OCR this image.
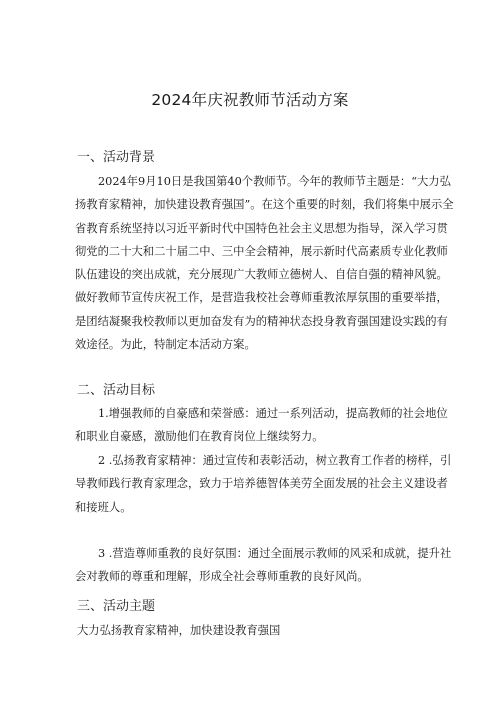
2024年庆祝教师节活动方案
一、活动背景
2024年9月10日是我国第40个教师节。今年的教师节主题是：“大力弘扬教育家精神，加快建设教育强国”。在这个重要的时刻，我们将集中展示全省教育系统坚持以习近平新时代中国特色社会主义思想为指导，深入学习贯彻党的二十大和二十届二中、三中全会精神，展示新时代高素质专业化教师队伍建设的突出成就，充分展现广大教师立德树人、自信自强的精神风貌。做好教师节宣传庆祝工作，是营造我校社会尊师重教浓厚氛围的重要举措，是团结凝聚我校教师以更加奋发有为的精神状态投身教育强国建设实践的有效途径。为此，特制定本活动方案。
二、活动目标
1.增强教师的自豪感和荣誉感：通过一系列活动，提高教师的社会地位和职业自豪感，激励他们在教育岗位上继续努力。
2 .弘扬教育家精神：通过宣传和表彰活动，树立教育工作者的榜样，引导教师践行教育家理念，致力于培养德智体美劳全面发展的社会主义建设者和接班人。
3 .营造尊师重教的良好氛围：通过全面展示教师的风采和成就，提升社会对教师的尊重和理解，形成全社会尊师重教的良好风尚。
三、活动主题
大力弘扬教育家精神，加快建设教育强国
